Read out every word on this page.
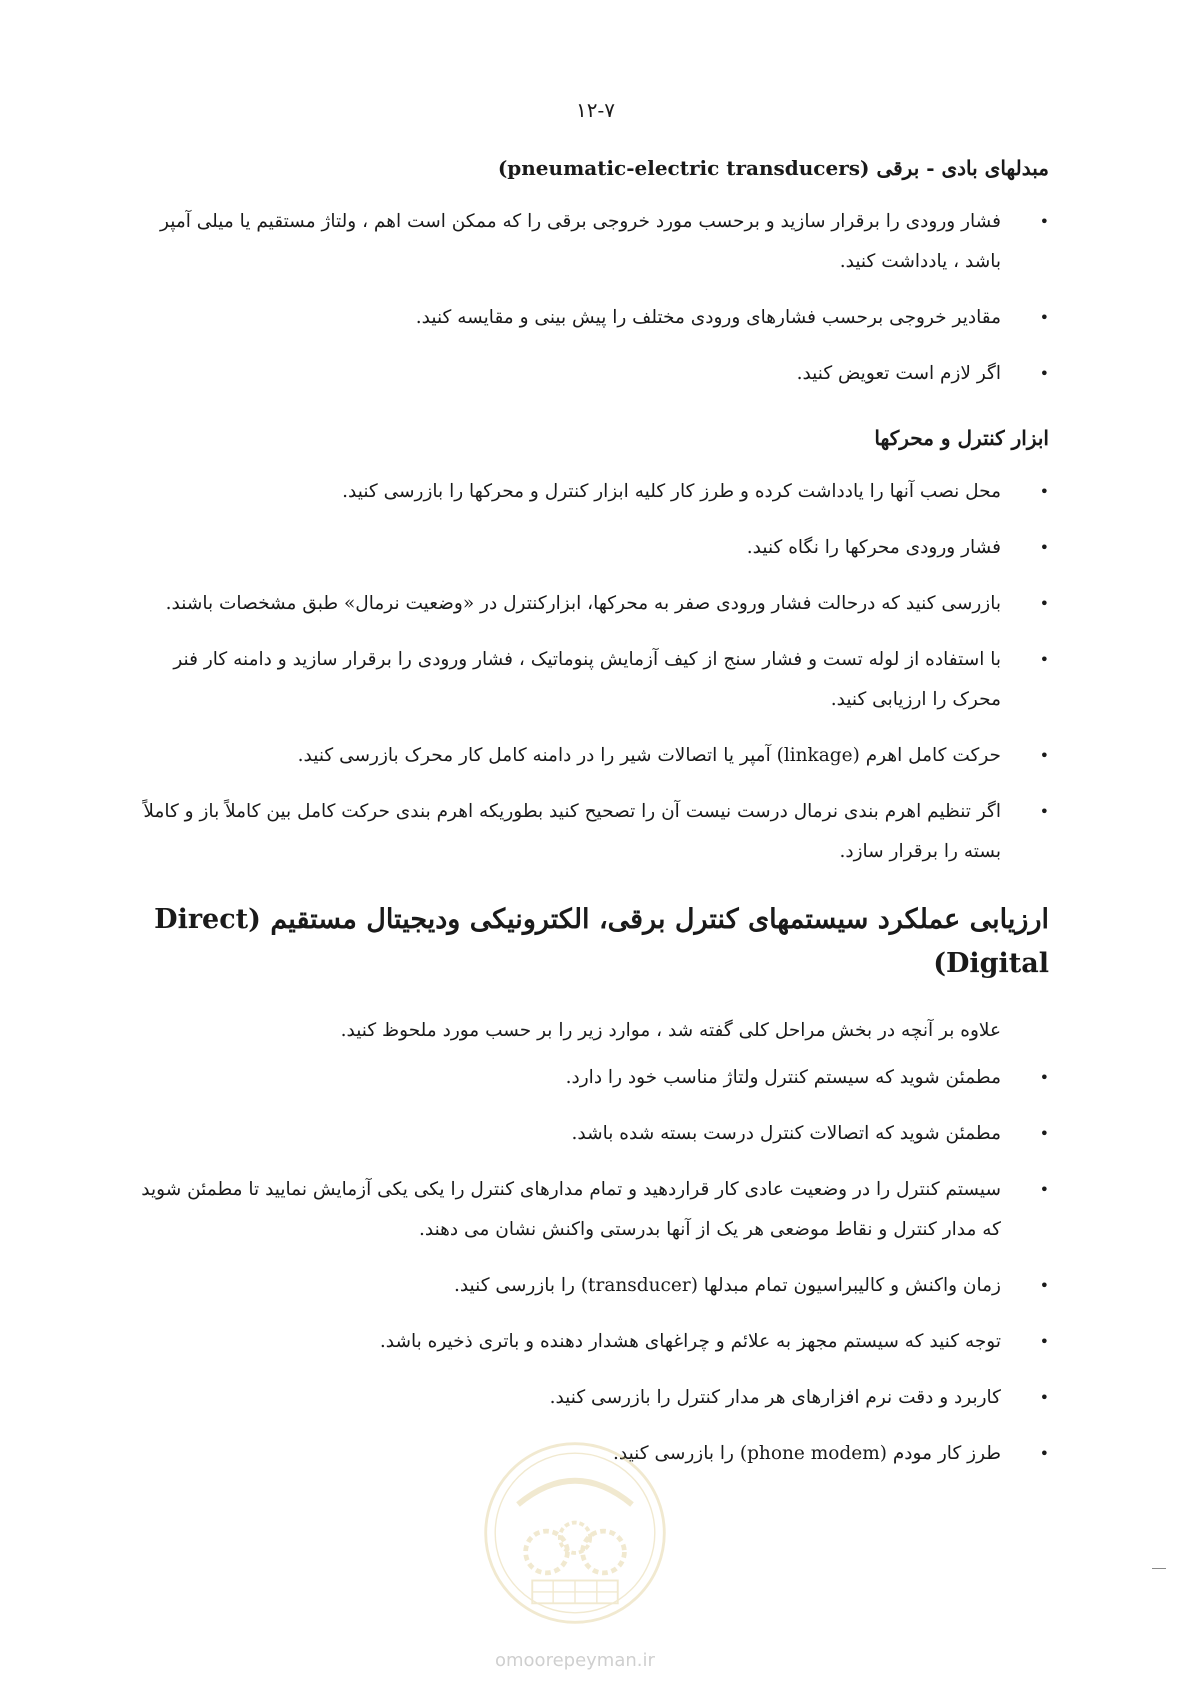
۱۲-۷
مبدلهای بادی - برقی (pneumatic-electric transducers)
• فشار ورودی را برقرار سازید و برحسب مورد خروجی برقی را که ممکن است اهم ، ولتاژ مستقیم یا میلی آمپر باشد ، یادداشت کنید.
• مقادیر خروجی برحسب فشارهای ورودی مختلف را پیش بینی و مقایسه کنید.
• اگر لازم است تعویض کنید.
ابزار کنترل و محرکها
• محل نصب آنها را یادداشت کرده و طرز کار کلیه ابزار کنترل و محرکها را بازرسی کنید.
• فشار ورودی محرکها را نگاه کنید.
• بازرسی کنید که درحالت فشار ورودی صفر به محرکها، ابزارکنترل در «وضعیت نرمال» طبق مشخصات باشند.
• با استفاده از لوله تست و فشار سنج از کیف آزمایش پنوماتیک ، فشار ورودی را برقرار سازید و دامنه کار فنر محرک را ارزیابی کنید.
• حرکت کامل اهرم (linkage) آمپر یا اتصالات شیر را در دامنه کامل کار محرک بازرسی کنید.
• اگر تنظیم اهرم بندی نرمال درست نیست آن را تصحیح کنید بطوریکه اهرم بندی حرکت کامل بین کاملاً باز و کاملاً بسته را برقرار سازد.
ارزیابی عملکرد سیستمهای کنترل برقی، الکترونیکی ودیجیتال مستقیم (Direct Digital)

علاوه بر آنچه در بخش مراحل کلی گفته شد ، موارد زیر را بر حسب مورد ملحوظ کنید.

• مطمئن شوید که سیستم کنترل ولتاژ مناسب خود را دارد.
• مطمئن شوید که اتصالات کنترل درست بسته شده باشد.
• سیستم کنترل را در وضعیت عادی کار قراردهید و تمام مدارهای کنترل را یکی یکی آزمایش نمایید تا مطمئن شوید که مدار کنترل و نقاط موضعی هر یک از آنها بدرستی واکنش نشان می دهند.
• زمان واکنش و کالیبراسیون تمام مبدلها (transducer) را بازرسی کنید.
• توجه کنید که سیستم مجهز به علائم و چراغهای هشدار دهنده و باتری ذخیره باشد.
• کاربرد و دقت نرم افزارهای هر مدار کنترل را بازرسی کنید.
• طرز کار مودم (phone modem) را بازرسی کنید.
omoorepeyman.ir
